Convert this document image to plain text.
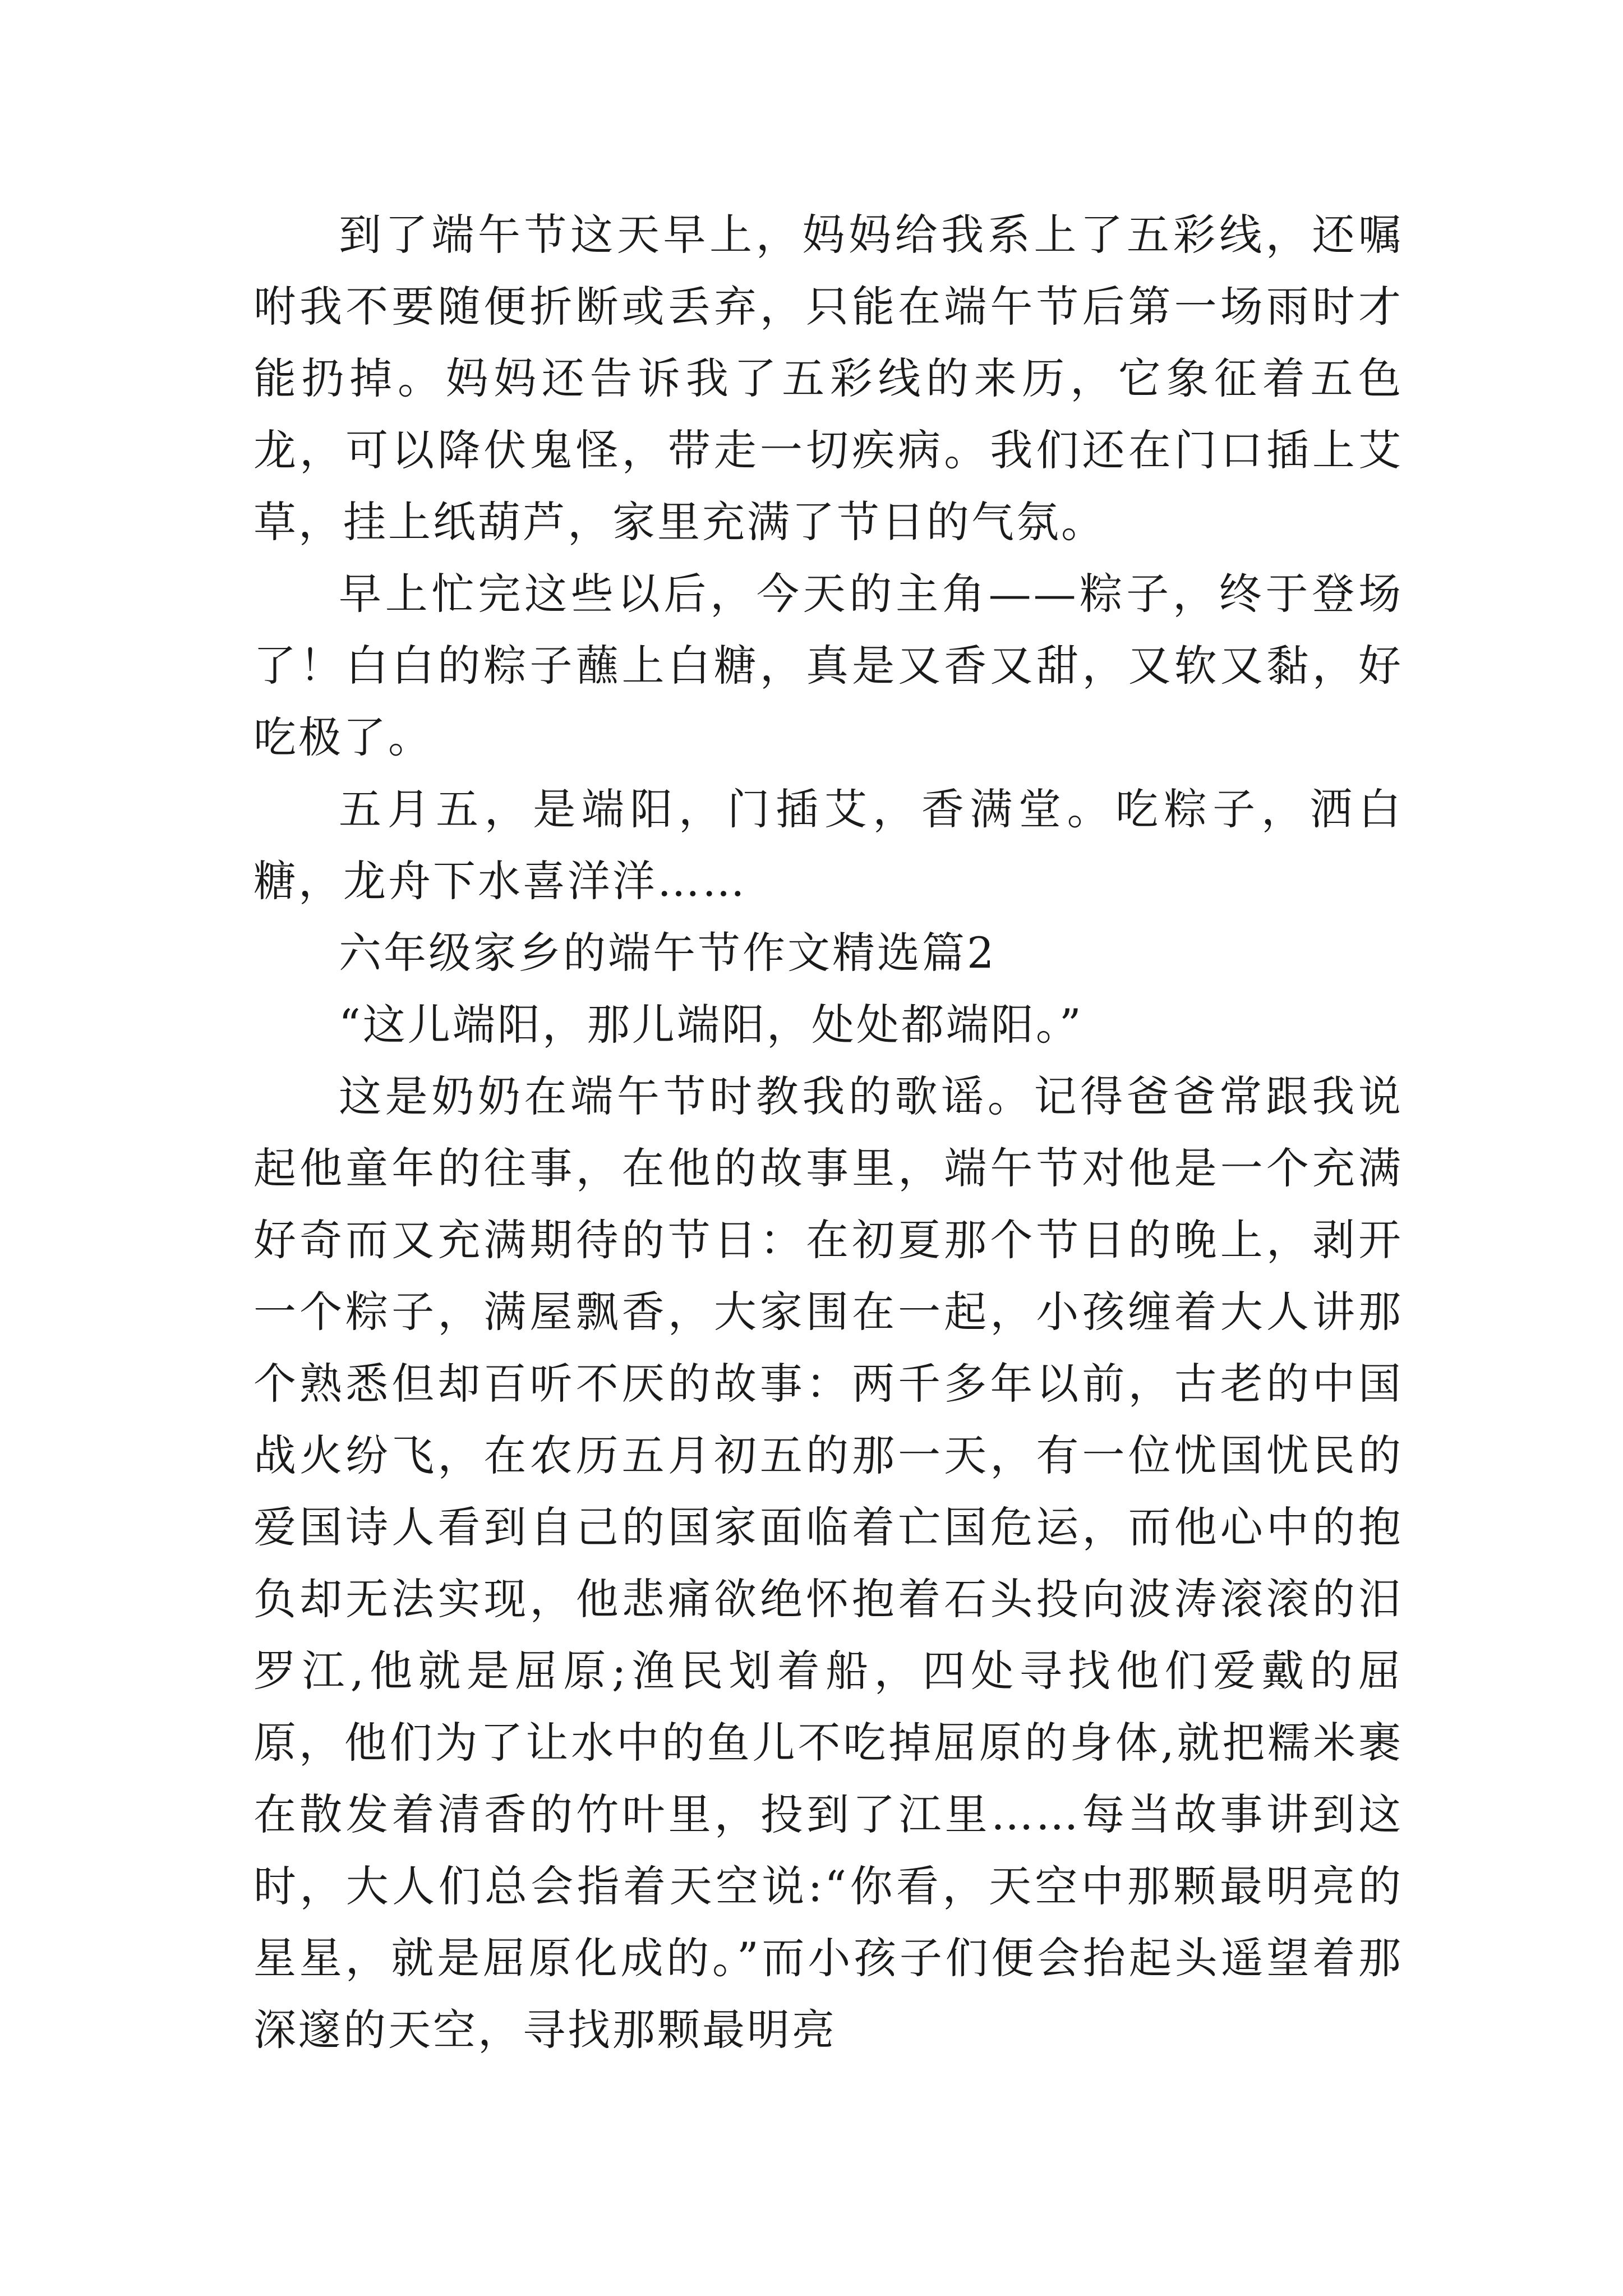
到了端午节这天早上，妈妈给我系上了五彩线，还嘱咐我不要随便折断或丢弃，只能在端午节后第一场雨时才能扔掉。妈妈还告诉我了五彩线的来历，它象征着五色龙，可以降伏鬼怪，带走一切疾病。我们还在门口插上艾草，挂上纸葫芦，家里充满了节日的气氛。

早上忙完这些以后，今天的主角——粽子，终于登场了！白白的粽子蘸上白糖，真是又香又甜，又软又黏，好吃极了。

五月五，是端阳，门插艾，香满堂。吃粽子，洒白糖，龙舟下水喜洋洋……

六年级家乡的端午节作文精选篇2

“这儿端阳，那儿端阳，处处都端阳。”

这是奶奶在端午节时教我的歌谣。记得爸爸常跟我说起他童年的往事，在他的故事里，端午节对他是一个充满好奇而又充满期待的节日：在初夏那个节日的晚上，剥开一个粽子，满屋飘香，大家围在一起，小孩缠着大人讲那个熟悉但却百听不厌的故事：两千多年以前，古老的中国战火纷飞，在农历五月初五的那一天，有一位忧国忧民的爱国诗人看到自己的国家面临着亡国危运，而他心中的抱负却无法实现，他悲痛欲绝怀抱着石头投向波涛滚滚的汨罗江,他就是屈原;渔民划着船，四处寻找他们爱戴的屈原，他们为了让水中的鱼儿不吃掉屈原的身体,就把糯米裹在散发着清香的竹叶里，投到了江里……每当故事讲到这时，大人们总会指着天空说:“你看，天空中那颗最明亮的星星，就是屈原化成的。”而小孩子们便会抬起头遥望着那深邃的天空，寻找那颗最明亮
